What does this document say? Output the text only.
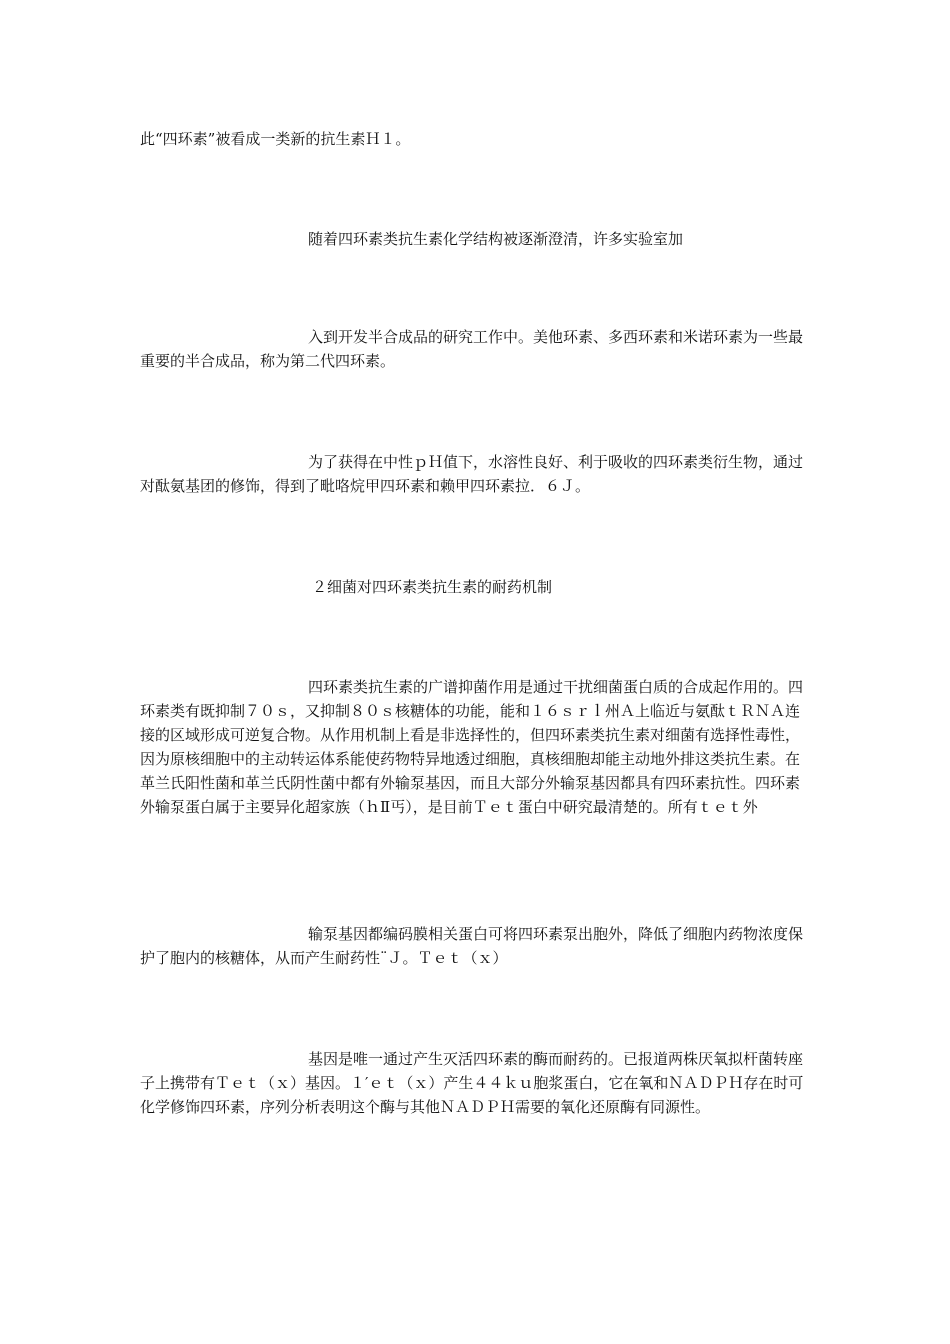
此“四环素”被看成一类新的抗生素Ｈ１。

随着四环素类抗生素化学结构被逐渐澄清，许多实验室加

入到开发半合成品的研究工作中。美他环素、多西环素和米诺环素为一些最重要的半合成品，称为第二代四环素。

为了获得在中性ｐＨ值下，水溶性良好、利于吸收的四环素类衍生物，通过对酞氨基团的修饰，得到了毗咯烷甲四环素和赖甲四环素拉．６Ｊ。

２细菌对四环素类抗生素的耐药机制

四环素类抗生素的广谱抑菌作用是通过干扰细菌蛋白质的合成起作用的。四环素类有既抑制７０ｓ，又抑制８０ｓ核糖体的功能，能和１６ｓｒｌ州Ａ上临近与氨酞ｔＲＮＡ连接的区域形成可逆复合物。从作用机制上看是非选择性的，但四环素类抗生素对细菌有选择性毒性，因为原核细胞中的主动转运体系能使药物特异地透过细胞，真核细胞却能主动地外排这类抗生素。在革兰氏阳性菌和革兰氏阴性菌中都有外输泵基因，而且大部分外输泵基因都具有四环素抗性。四环素外输泵蛋白属于主要异化超家族（ｈⅡ丐），是目前Ｔｅｔ蛋白中研究最清楚的。所有ｔｅｔ外

输泵基因都编码膜相关蛋白可将四环素泵出胞外，降低了细胞内药物浓度保护了胞内的核糖体，从而产生耐药性¨Ｊ。Ｔｅｔ（ｘ）

基因是唯一通过产生灭活四环素的酶而耐药的。已报道两株厌氧拟杆菌转座子上携带有Ｔｅｔ（ｘ）基因。１′ｅｔ（ｘ）产生４４ｋｕ胞浆蛋白，它在氧和ＮＡＤＰＨ存在时可化学修饰四环素，序列分析表明这个酶与其他ＮＡＤＰＨ需要的氧化还原酶有同源性。
